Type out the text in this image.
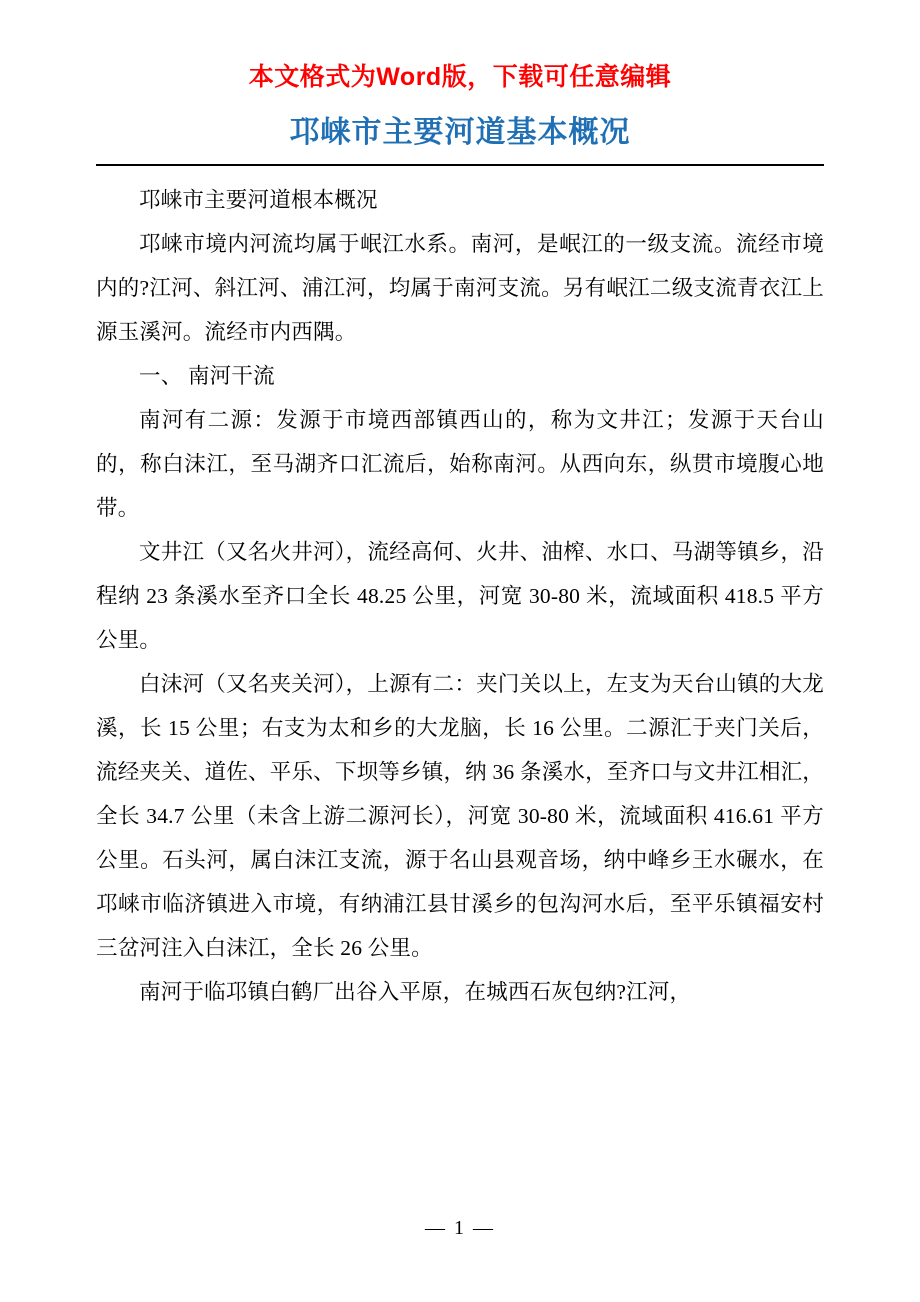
本文格式为Word版，下载可任意编辑
邛崃市主要河道基本概况

邛崃市主要河道根本概况

邛崃市境内河流均属于岷江水系。南河，是岷江的一级支流。流经市境内的?江河、斜江河、浦江河，均属于南河支流。另有岷江二级支流青衣江上源玉溪河。流经市内西隅。

一、 南河干流

南河有二源：发源于市境西部镇西山的，称为文井江；发源于天台山的，称白沫江，至马湖齐口汇流后，始称南河。从西向东，纵贯市境腹心地带。

文井江（又名火井河），流经高何、火井、油榨、水口、马湖等镇乡，沿程纳 23 条溪水至齐口全长 48.25 公里，河宽 30-80 米，流域面积 418.5 平方公里。

白沫河（又名夹关河），上源有二：夹门关以上，左支为天台山镇的大龙溪，长 15 公里；右支为太和乡的大龙脑，长 16 公里。二源汇于夹门关后，流经夹关、道佐、平乐、下坝等乡镇，纳 36 条溪水，至齐口与文井江相汇，全长 34.7 公里（未含上游二源河长），河宽 30-80 米，流域面积 416.61 平方公里。石头河，属白沫江支流，源于名山县观音场，纳中峰乡王水碾水，在邛崃市临济镇进入市境，有纳浦江县甘溪乡的包沟河水后，至平乐镇福安村三岔河注入白沫江，全长 26 公里。

南河于临邛镇白鹤厂出谷入平原，在城西石灰包纳?江河，

— 1 —
